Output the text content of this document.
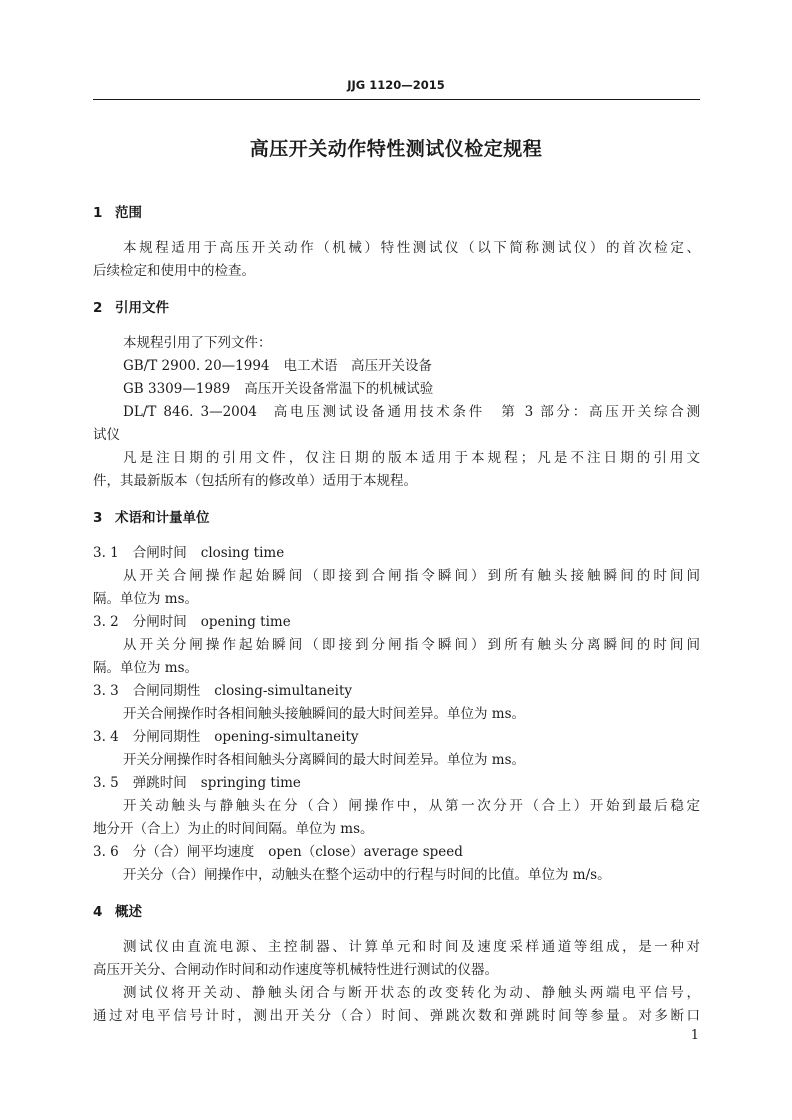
JJG 1120—2015
高压开关动作特性测试仪检定规程
1 范围
本规程适用于高压开关动作（机械）特性测试仪（以下简称测试仪）的首次检定、
后续检定和使用中的检查。
2 引用文件
本规程引用了下列文件：
GB/T 2900. 20—1994 电工术语　高压开关设备
GB 3309—1989 高压开关设备常温下的机械试验
DL/T 846. 3—2004 高电压测试设备通用技术条件　第 3 部分：高压开关综合测
试仪
凡是注日期的引用文件，仅注日期的版本适用于本规程；凡是不注日期的引用文
件，其最新版本（包括所有的修改单）适用于本规程。
3 术语和计量单位
3. 1 合闸时间 closing time
从开关合闸操作起始瞬间（即接到合闸指令瞬间）到所有触头接触瞬间的时间间
隔。单位为 ms。
3. 2 分闸时间 opening time
从开关分闸操作起始瞬间（即接到分闸指令瞬间）到所有触头分离瞬间的时间间
隔。单位为 ms。
3. 3 合闸同期性 closing-simultaneity
开关合闸操作时各相间触头接触瞬间的最大时间差异。单位为 ms。
3. 4 分闸同期性 opening-simultaneity
开关分闸操作时各相间触头分离瞬间的最大时间差异。单位为 ms。
3. 5 弹跳时间 springing time
开关动触头与静触头在分（合）闸操作中，从第一次分开（合上）开始到最后稳定
地分开（合上）为止的时间间隔。单位为 ms。
3. 6 分（合）闸平均速度 open（close）average speed
开关分（合）闸操作中，动触头在整个运动中的行程与时间的比值。单位为 m/s。
4 概述
测试仪由直流电源、主控制器、计算单元和时间及速度采样通道等组成，是一种对
高压开关分、合闸动作时间和动作速度等机械特性进行测试的仪器。
测试仪将开关动、静触头闭合与断开状态的改变转化为动、静触头两端电平信号，
通过对电平信号计时，测出开关分（合）时间、弹跳次数和弹跳时间等参量。对多断口
1
